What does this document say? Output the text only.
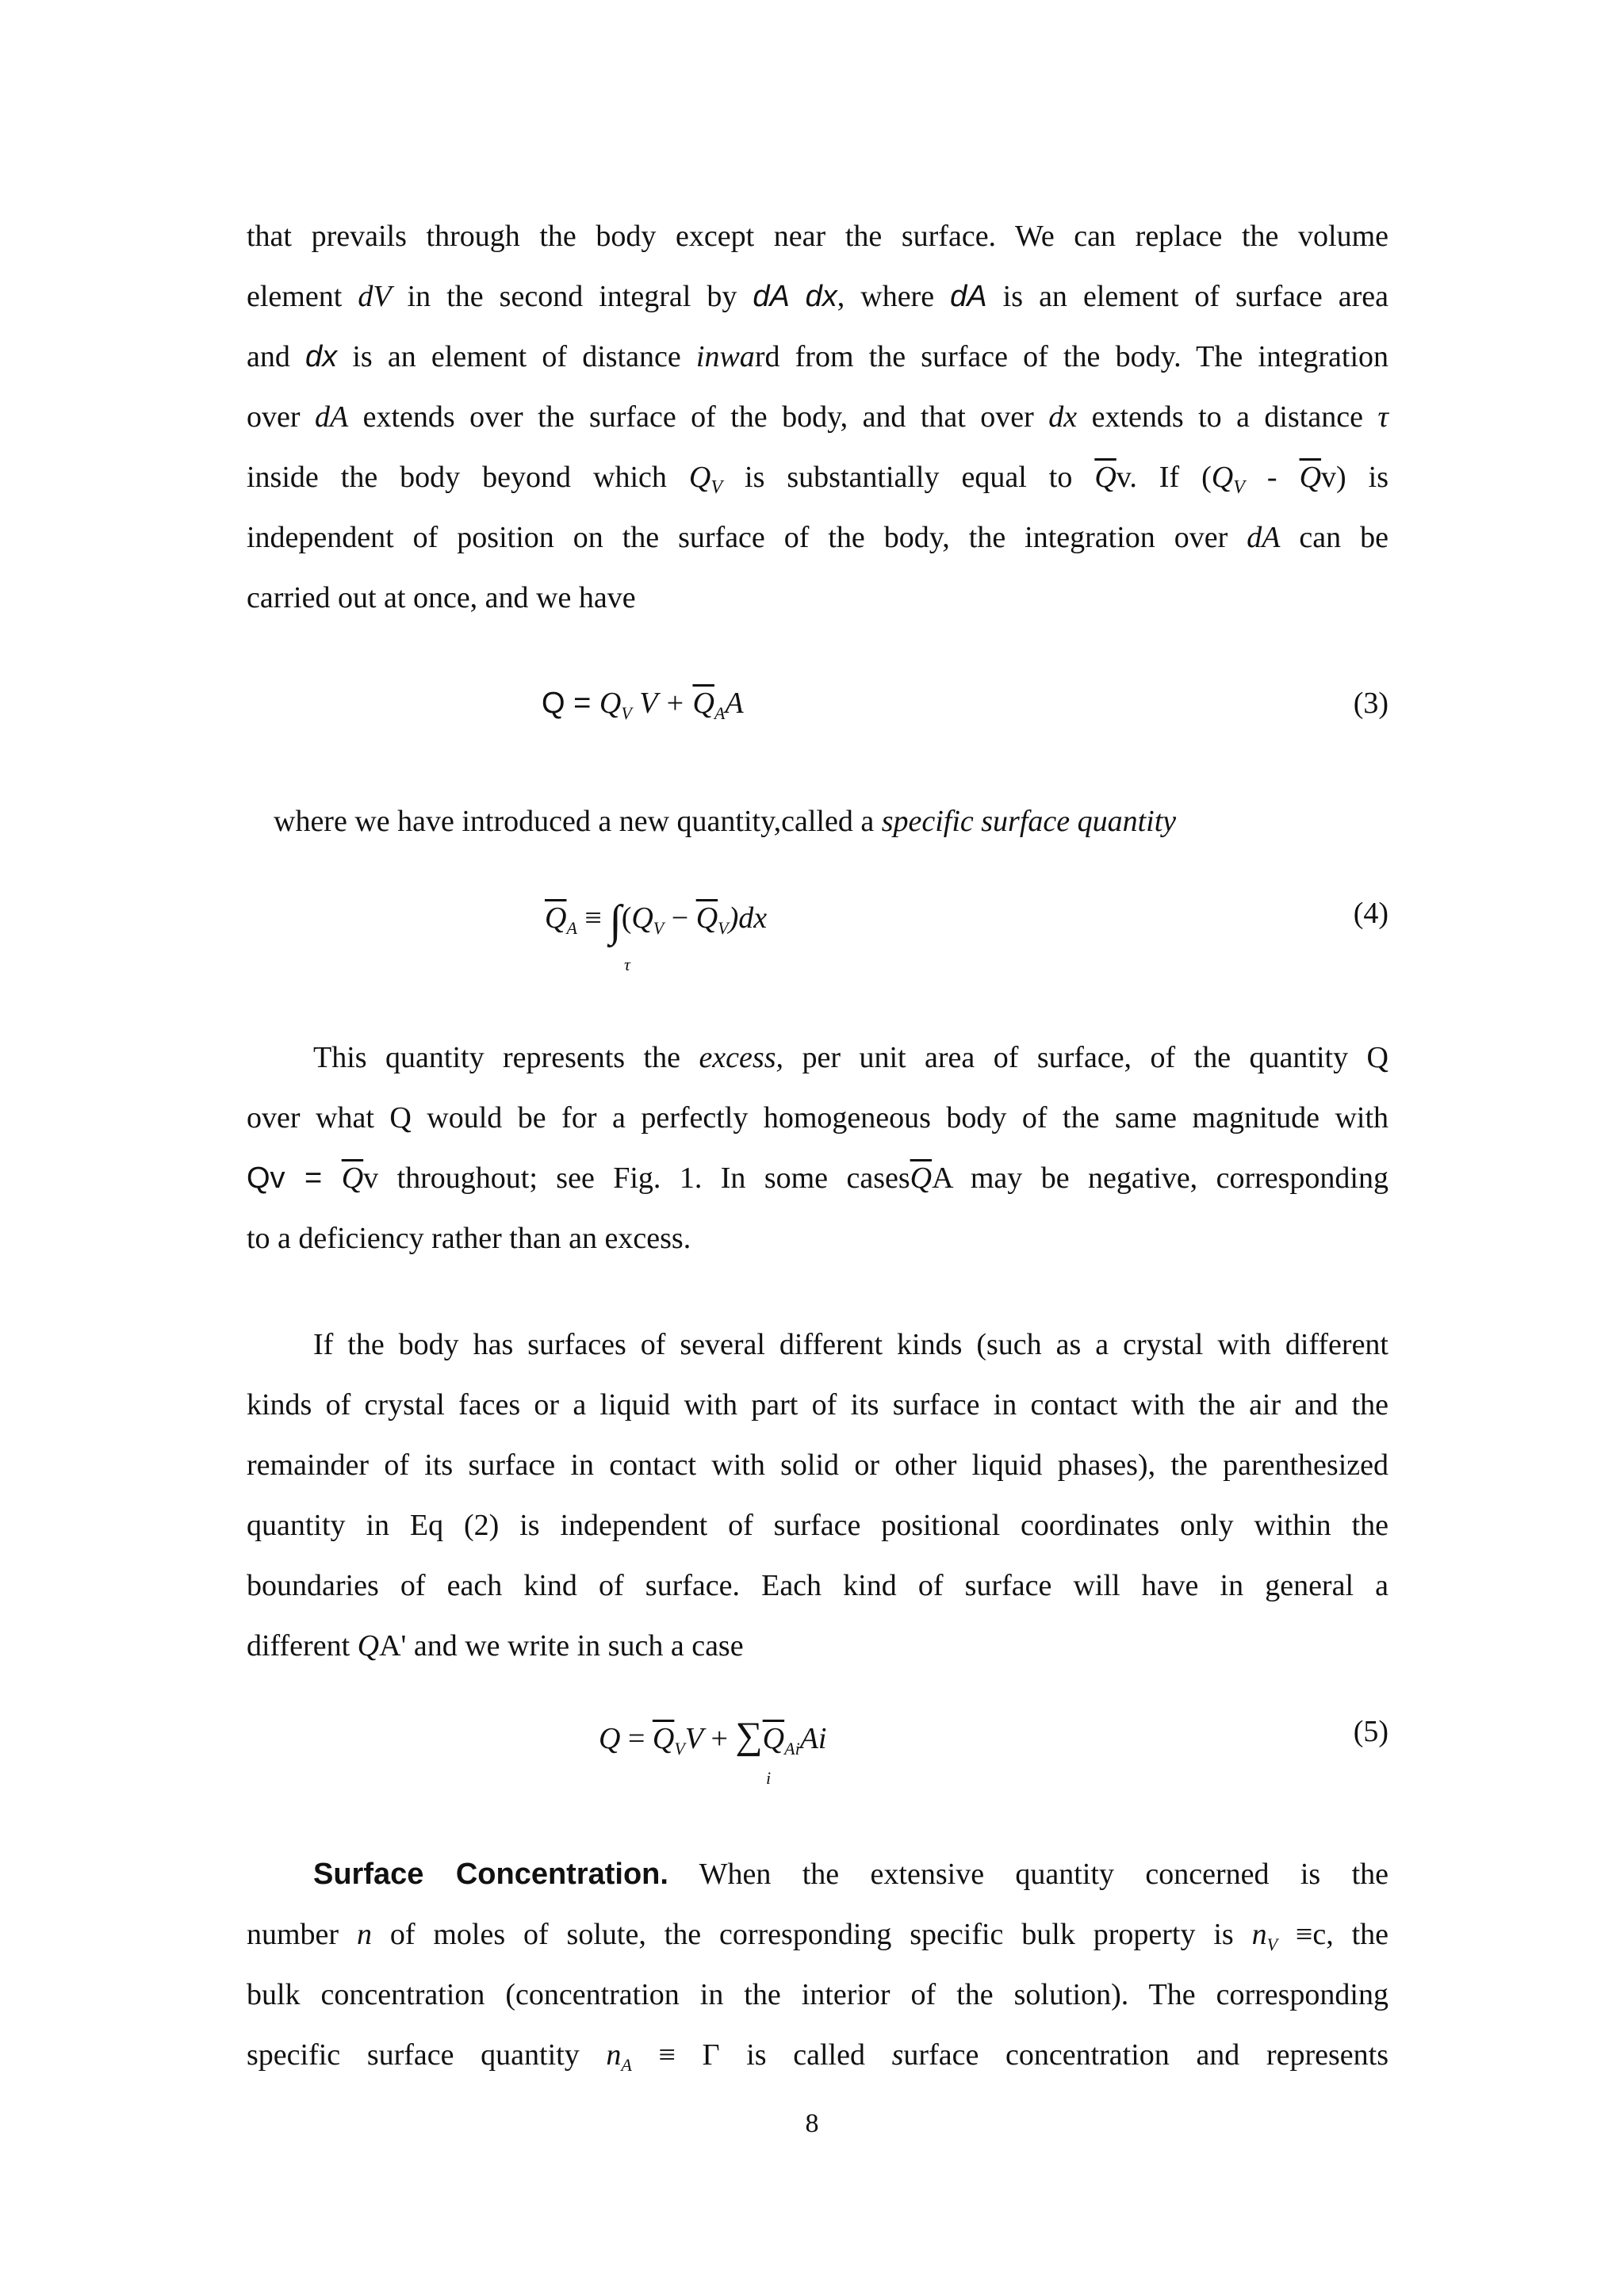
that prevails through the body except near the surface. We can replace the volume
element dV in the second integral by dA dx, where dA is an element of surface area
and dx is an element of distance inward from the surface of the body. The integration
over dA extends over the surface of the body, and that over dx extends to a distance τ
inside the body beyond which $Q_V$ is substantially equal to $\overline{Q}v$. If $(Q_V - \overline{Q}v)$ is
independent of position on the surface of the body, the integration over dA can be
carried out at once, and we have
$Q = Q_V$ $V + \overline{Q}_AA$	(3)
where we have introduced a new quantity,called a specific surface quantity
$\overline{Q}_A \equiv \int(Q_V - \overline{Q}_V)dx$
τ
(4)
This quantity represents the excess, per unit area of surface, of the quantity Q
over what Q would be for a perfectly homogeneous body of the same magnitude with
$Qv = \overline{Q}v$ throughout; see Fig. 1. In some $cases\overline{Q}A$ may be negative, corresponding
to a deficiency rather than an excess.
If the body has surfaces of several different kinds (such as a crystal with different
kinds of crystal faces or a liquid with part of its surface in contact with the air and the
remainder of its surface in contact with solid or other liquid phases), the parenthesized
quantity in Eq (2) is independent of surface positional coordinates only within the
boundaries of each kind of surface. Each kind of surface will have in general a
different QA' and we write in such a case
$Q = \overline{Q}_VV + \sum\overline{Q}_{Ai}Ai$
i
(5)
Surface Concentration. When the extensive quantity concerned is the
number n of moles of solute, the corresponding specific bulk property is $n_V \equiv c$, the
bulk concentration (concentration in the interior of the solution). The corresponding
specific surface quantity $n_A \equiv \Gamma$ is called surface concentration and represents
8
